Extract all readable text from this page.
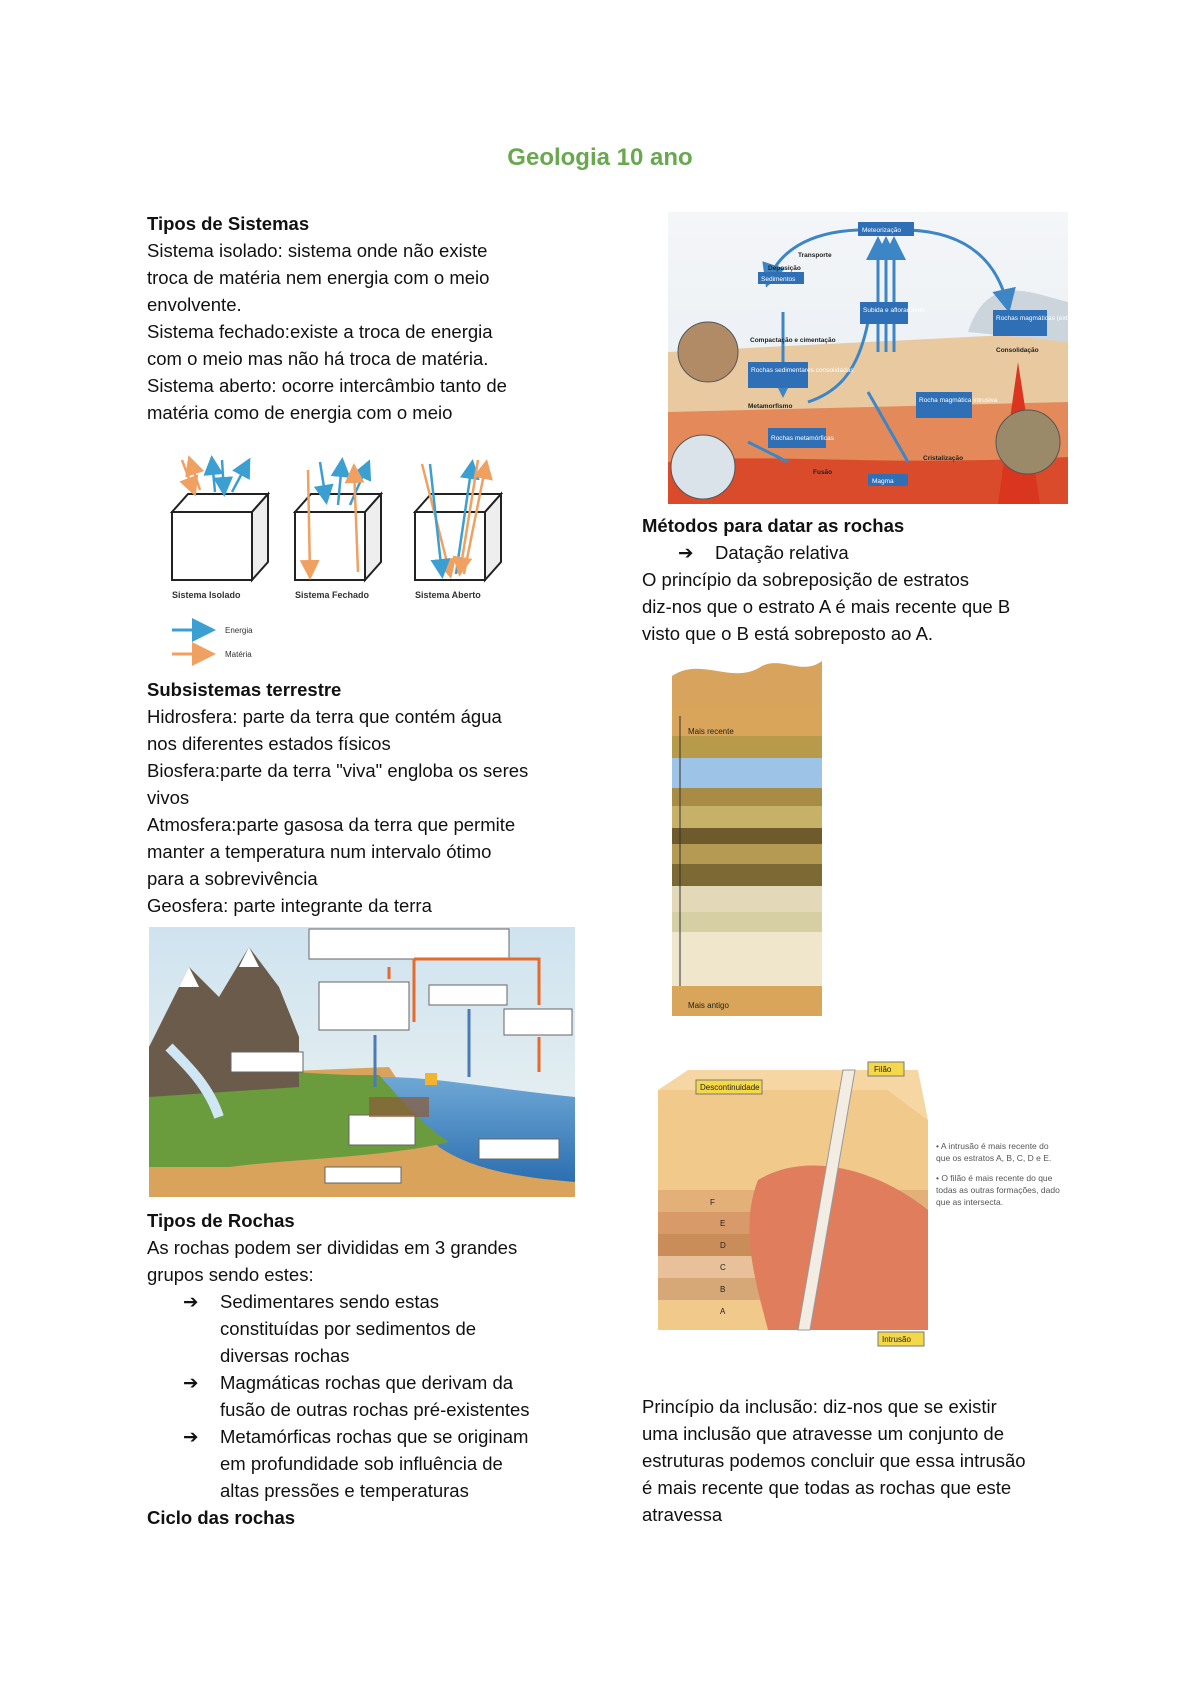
Geologia 10 ano
Tipos de Sistemas
Sistema isolado: sistema onde não existe
troca de matéria nem energia com o meio
envolvente.
Sistema fechado:existe a troca de energia
com o meio mas não há troca de matéria.
Sistema aberto: ocorre intercâmbio tanto de
matéria como de energia com o meio
Sistema Isolado	Sistema Fechado	Sistema Aberto
Energia
Matéria
Subsistemas terrestre
Hidrosfera: parte da terra que contém água
nos diferentes estados físicos
Biosfera:parte da terra "viva" engloba os seres
vivos
Atmosfera:parte gasosa da terra que permite
manter a temperatura num intervalo ótimo
para a sobrevivência
Geosfera: parte integrante da terra
Tipos de Rochas
As rochas podem ser divididas em 3 grandes
grupos sendo estes:
➔ Sedimentares sendo estas
constituídas por sedimentos de
diversas rochas
➔ Magmáticas rochas que derivam da
fusão de outras rochas pré-existentes
➔ Metamórficas rochas que se originam
em profundidade sob influência de
altas pressões e temperaturas
Ciclo das rochas
Meteorização
Sedimentos
Subida e afloramento
Rochas sedimentares consolidadas
Rochas metamórficas
Rocha magmática intrusiva
Rochas magmáticas (extrusivas)
Magma
Transporte
Deposição
Compactação e cimentação
Metamorfismo
Consolidação
Cristalização
Fusão
Métodos para datar as rochas
➔ Datação relativa
O princípio da sobreposição de estratos
diz-nos que o estrato A é mais recente que B
visto que o B está sobreposto ao A.
Mais recente
Mais antigo
F
E
D
C
B
A
Descontinuidade
Filão
Intrusão
• A intrusão é mais recente do que os estratos A, B, C, D e E.
• O filão é mais recente do que todas as outras formações, dado que as intersecta.
Princípio da inclusão: diz-nos que se existir
uma inclusão que atravesse um conjunto de
estruturas podemos concluir que essa intrusão
é mais recente que todas as rochas que este
atravessa
